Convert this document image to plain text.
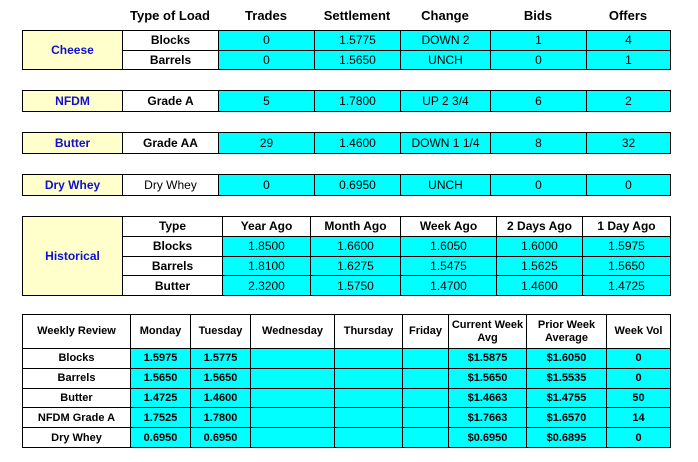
Type of Load	Trades	Settlement	Change	Bids	Offers
Cheese	Blocks	0	1.5775	DOWN 2	1	4
	Barrels	0	1.5650	UNCH	0	1
NFDM	Grade A	5	1.7800	UP 2 3/4	6	2
Butter	Grade AA	29	1.4600	DOWN 1 1/4	8	32
Dry Whey	Dry Whey	0	0.6950	UNCH	0	0
Historical	Type	Year Ago	Month Ago	Week Ago	2 Days Ago	1 Day Ago
	Blocks	1.8500	1.6600	1.6050	1.6000	1.5975
	Barrels	1.8100	1.6275	1.5475	1.5625	1.5650
	Butter	2.3200	1.5750	1.4700	1.4600	1.4725
Weekly Review	Monday	Tuesday	Wednesday	Thursday	Friday	Current Week Avg	Prior Week Average	Week Vol
Blocks	1.5975	1.5775				$1.5875	$1.6050	0
Barrels	1.5650	1.5650				$1.5650	$1.5535	0
Butter	1.4725	1.4600				$1.4663	$1.4755	50
NFDM Grade A	1.7525	1.7800				$1.7663	$1.6570	14
Dry Whey	0.6950	0.6950				$0.6950	$0.6895	0
